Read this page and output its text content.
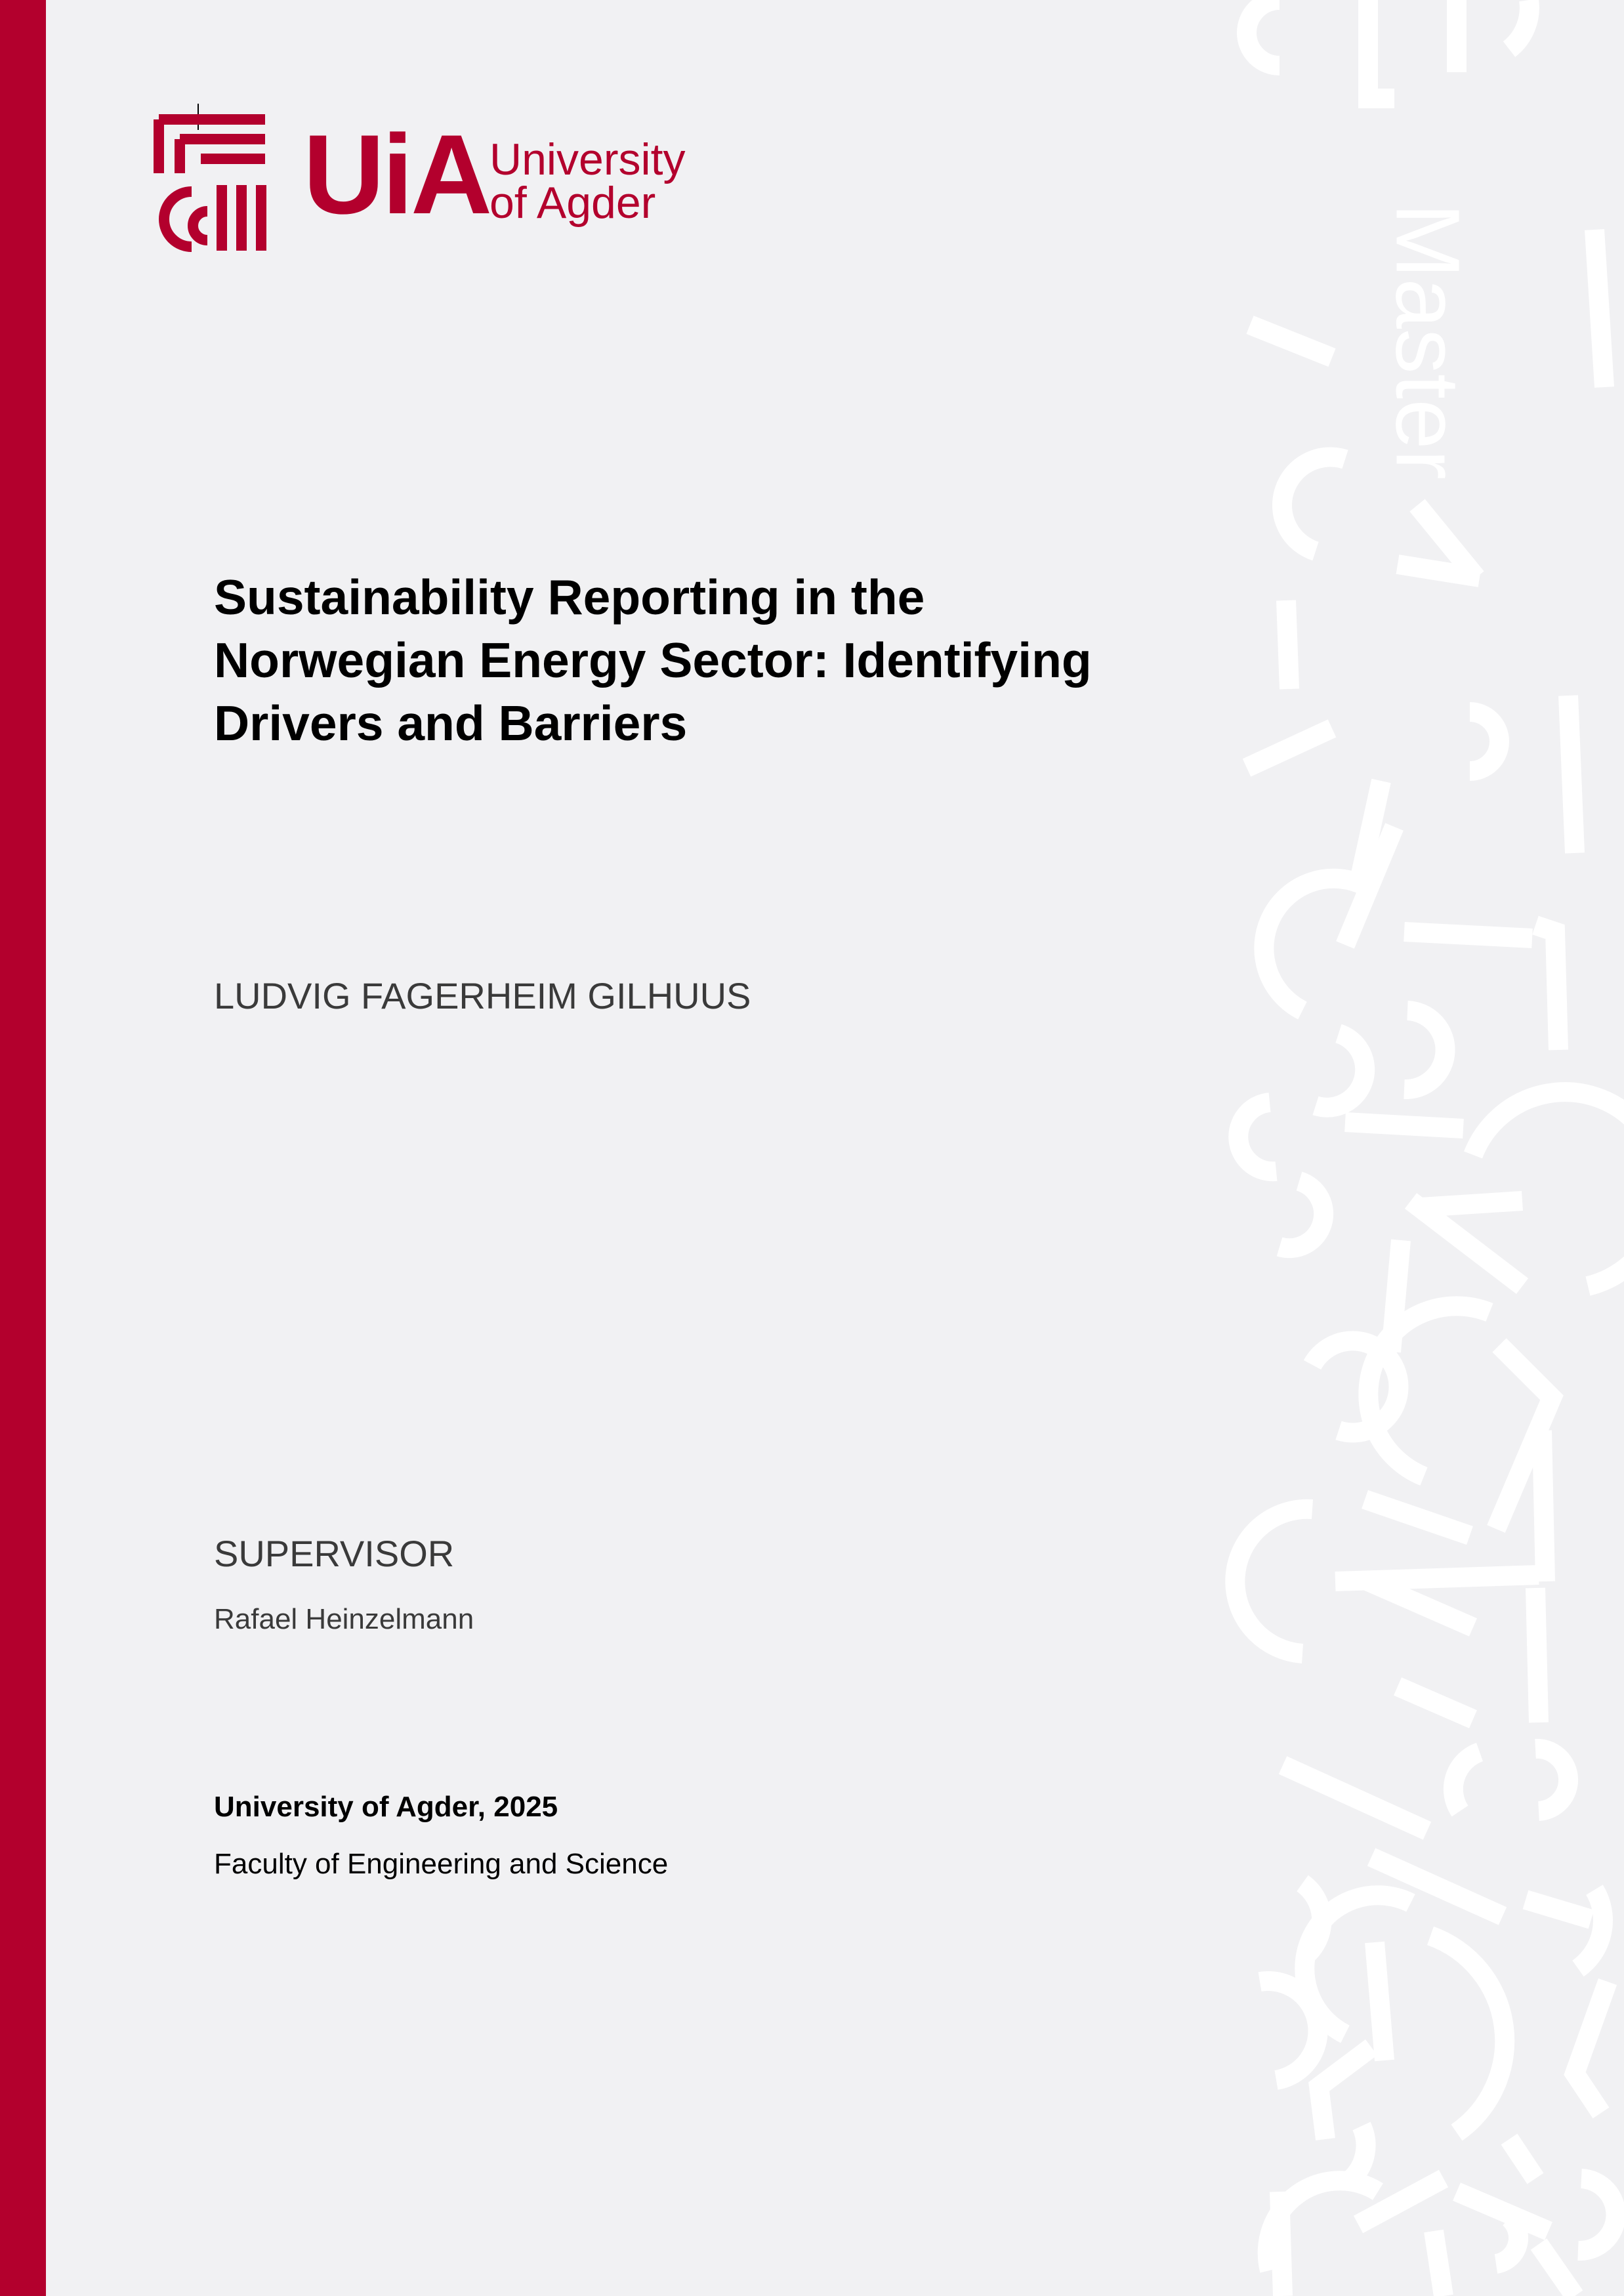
UiA University
of Agder
Master
Sustainability Reporting in the
Norwegian Energy Sector: Identifying
Drivers and Barriers
LUDVIG FAGERHEIM GILHUUS
SUPERVISOR
Rafael Heinzelmann
University of Agder, 2025
Faculty of Engineering and Science
